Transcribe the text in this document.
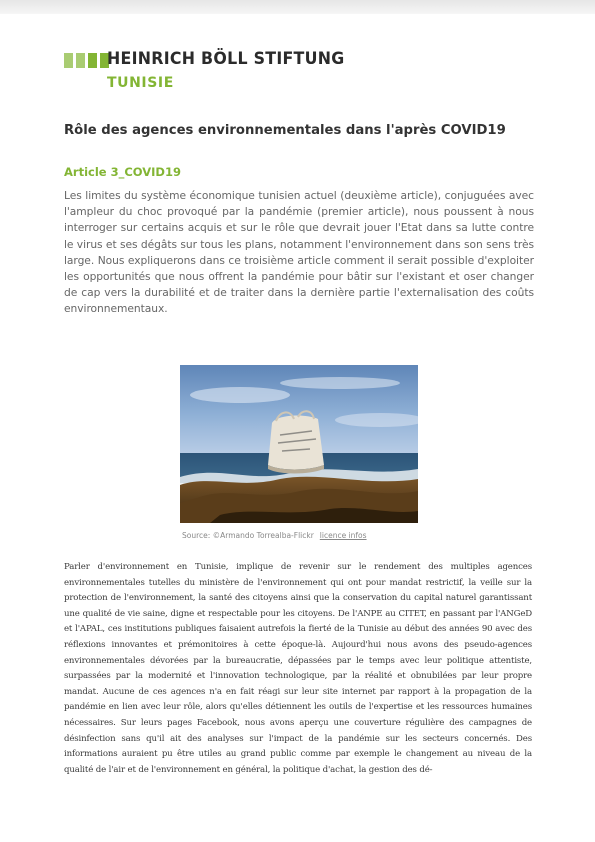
HEINRICH BÖLL STIFTUNG
TUNISIE
Rôle des agences environnementales dans l'après COVID19
Article 3_COVID19
Les limites du système économique tunisien actuel (deuxième article), conjuguées avec l'ampleur du choc provoqué par la pandémie (premier article), nous poussent à nous interroger sur certains acquis et sur le rôle que devrait jouer l'Etat dans sa lutte contre le virus et ses dégâts sur tous les plans, notamment l'environnement dans son sens très large. Nous expliquerons dans ce troisième article comment il serait possible d'exploiter les opportunités que nous offrent la pandémie pour bâtir sur l'existant et oser changer de cap vers la durabilité et de traiter dans la dernière partie l'externalisation des coûts environnementaux.
Source: ©Armando Torrealba-Flickr licence infos
Parler d'environnement en Tunisie, implique de revenir sur le rendement des multiples agences environnementales tutelles du ministère de l'environnement qui ont pour mandat restrictif, la veille sur la protection de l'environnement, la santé des citoyens ainsi que la conservation du capital naturel garantissant une qualité de vie saine, digne et respectable pour les citoyens. De l'ANPE au CITET, en passant par l'ANGeD et l'APAL, ces institutions publiques faisaient autrefois la fierté de la Tunisie au début des années 90 avec des réflexions innovantes et prémonitoires à cette époque-là. Aujourd'hui nous avons des pseudo-agences environnementales dévorées par la bureaucratie, dépassées par le temps avec leur politique attentiste, surpassées par la modernité et l'innovation technologique, par la réalité et obnubilées par leur propre mandat. Aucune de ces agences n'a en fait réagi sur leur site internet par rapport à la propagation de la pandémie en lien avec leur rôle, alors qu'elles détiennent les outils de l'expertise et les ressources humaines nécessaires. Sur leurs pages Facebook, nous avons aperçu une couverture régulière des campagnes de désinfection sans qu'il ait des analyses sur l'impact de la pandémie sur les secteurs concernés. Des informations auraient pu être utiles au grand public comme par exemple le changement au niveau de la qualité de l'air et de l'environnement en général, la politique d'achat, la gestion des dé-
